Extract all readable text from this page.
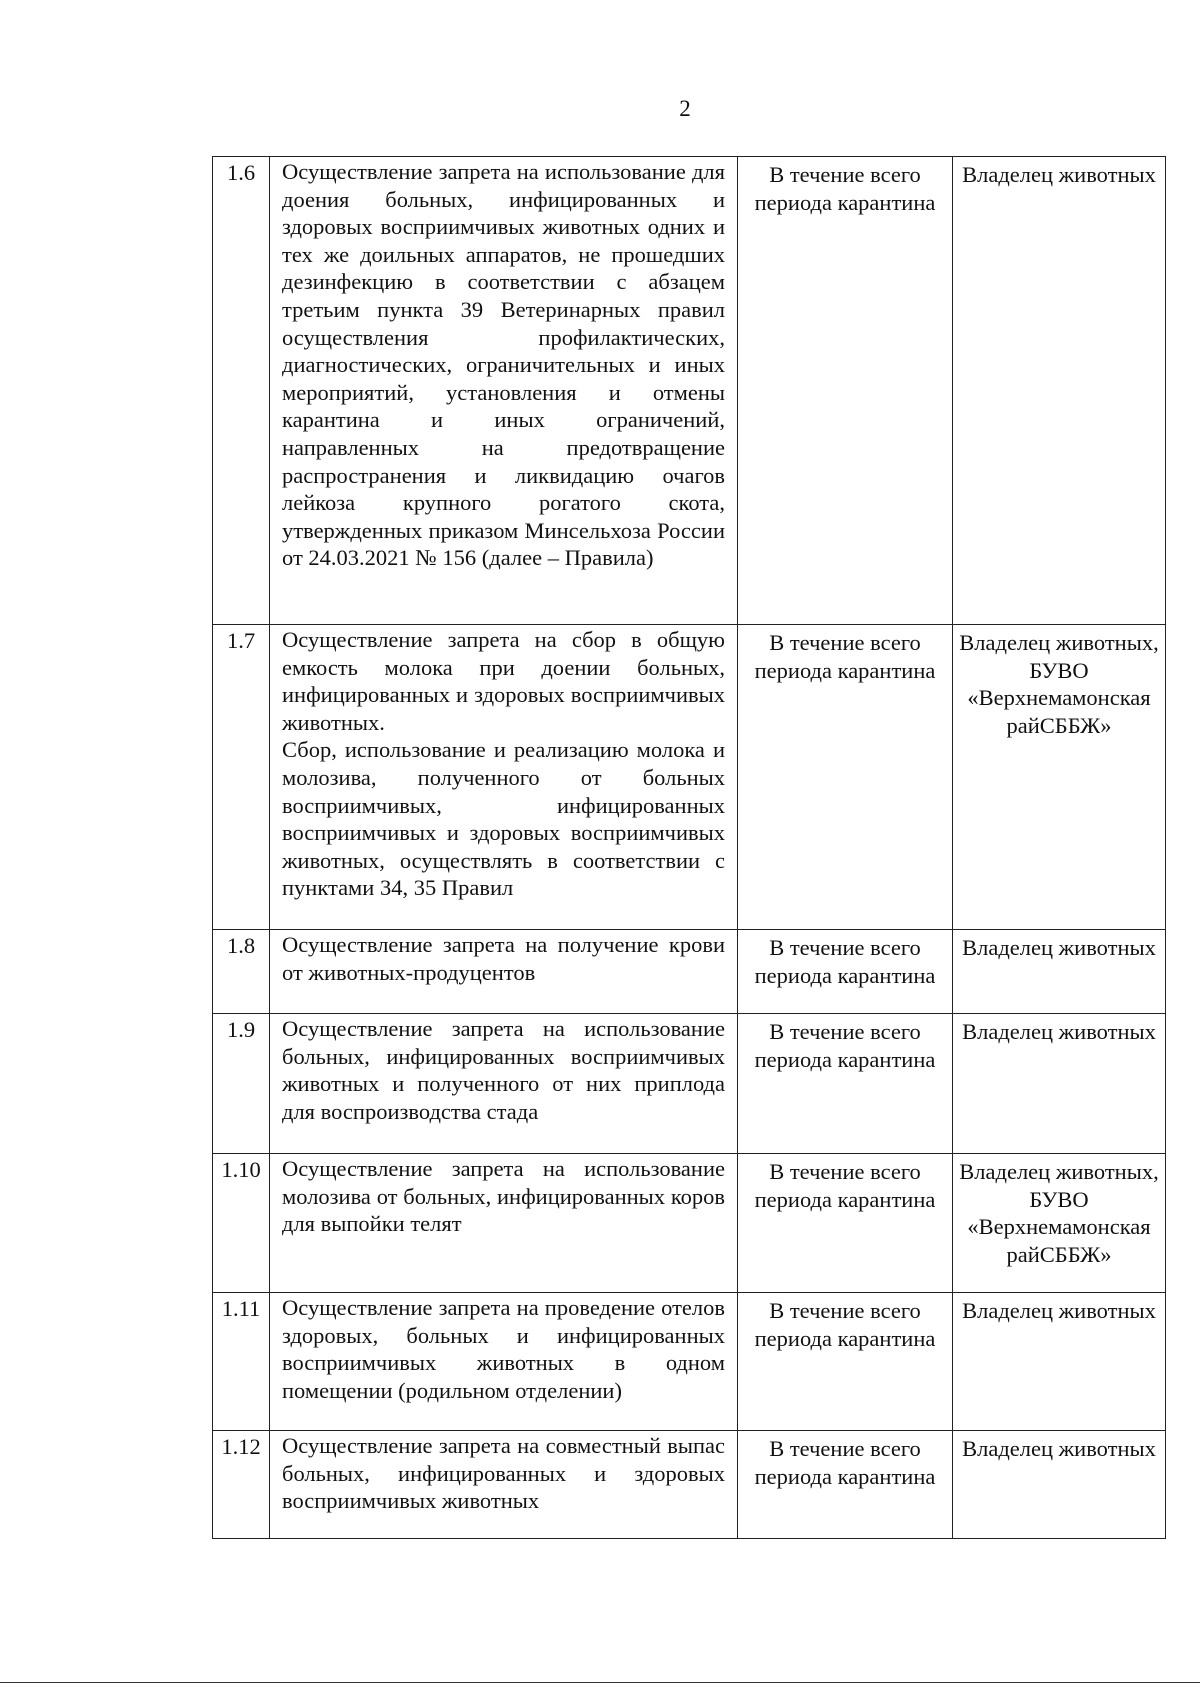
2
1.6	Осуществление запрета на использование для доения больных, инфицированных и здоровых восприимчивых животных одних и тех же доильных аппаратов, не прошедших дезинфекцию в соответствии с абзацем третьим пункта 39 Ветеринарных правил осуществления профилактических, диагностических, ограничительных и иных мероприятий, установления и отмены карантина и иных ограничений, направленных на предотвращение распространения и ликвидацию очагов лейкоза крупного рогатого скота, утвержденных приказом Минсельхоза России от 24.03.2021 № 156 (далее – Правила)	В течение всего периода карантина	Владелец животных

1.7	Осуществление запрета на сбор в общую емкость молока при доении больных, инфицированных и здоровых восприимчивых животных.
Сбор, использование и реализацию молока и молозива, полученного от больных восприимчивых, инфицированных восприимчивых и здоровых восприимчивых животных, осуществлять в соответствии с пунктами 34, 35 Правил	В течение всего периода карантина	Владелец животных,
БУВО «Верхнемамонская райСББЖ»

1.8	Осуществление запрета на получение крови от животных-продуцентов	В течение всего периода карантина	Владелец животных

1.9	Осуществление запрета на использование больных, инфицированных восприимчивых животных и полученного от них приплода для воспроизводства стада	В течение всего периода карантина	Владелец животных

1.10	Осуществление запрета на использование молозива от больных, инфицированных коров для выпойки телят	В течение всего периода карантина	Владелец животных,
БУВО «Верхнемамонская райСББЖ»

1.11	Осуществление запрета на проведение отелов здоровых, больных и инфицированных восприимчивых животных в одном помещении (родильном отделении)	В течение всего периода карантина	Владелец животных

1.12	Осуществление запрета на совместный выпас больных, инфицированных и здоровых восприимчивых животных	В течение всего периода карантина	Владелец животных
